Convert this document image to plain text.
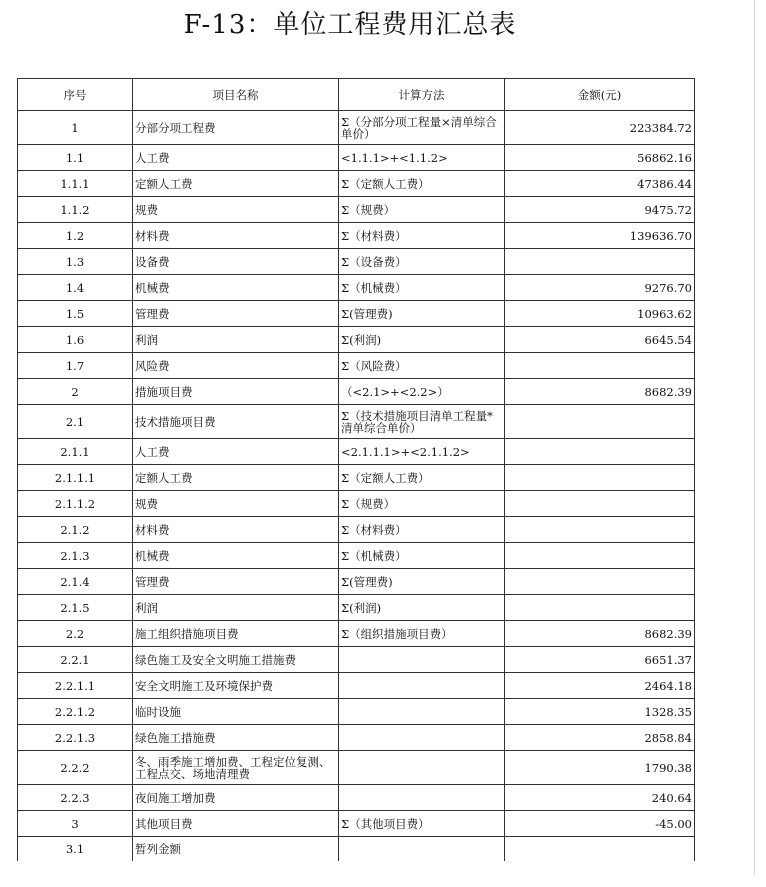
F-13：单位工程费用汇总表
序号	项目名称	计算方法	金额(元)
1	分部分项工程费	Σ（分部分项工程量×清单综合单价）	223384.72
1.1	人工费	<1.1.1>+<1.1.2>	56862.16
1.1.1	定额人工费	Σ（定额人工费）	47386.44
1.1.2	规费	Σ（规费）	9475.72
1.2	材料费	Σ（材料费）	139636.70
1.3	设备费	Σ（设备费）	
1.4	机械费	Σ（机械费）	9276.70
1.5	管理费	Σ(管理费)	10963.62
1.6	利润	Σ(利润)	6645.54
1.7	风险费	Σ（风险费）	
2	措施项目费	（<2.1>+<2.2>）	8682.39
2.1	技术措施项目费	Σ（技术措施项目清单工程量*清单综合单价）	
2.1.1	人工费	<2.1.1.1>+<2.1.1.2>	
2.1.1.1	定额人工费	Σ（定额人工费）	
2.1.1.2	规费	Σ（规费）	
2.1.2	材料费	Σ（材料费）	
2.1.3	机械费	Σ（机械费）	
2.1.4	管理费	Σ(管理费)	
2.1.5	利润	Σ(利润)	
2.2	施工组织措施项目费	Σ（组织措施项目费）	8682.39
2.2.1	绿色施工及安全文明施工措施费		6651.37
2.2.1.1	安全文明施工及环境保护费		2464.18
2.2.1.2	临时设施		1328.35
2.2.1.3	绿色施工措施费		2858.84
2.2.2	冬、雨季施工增加费、工程定位复测、工程点交、场地清理费		1790.38
2.2.3	夜间施工增加费		240.64
3	其他项目费	Σ（其他项目费）	-45.00
3.1	暂列金额		
